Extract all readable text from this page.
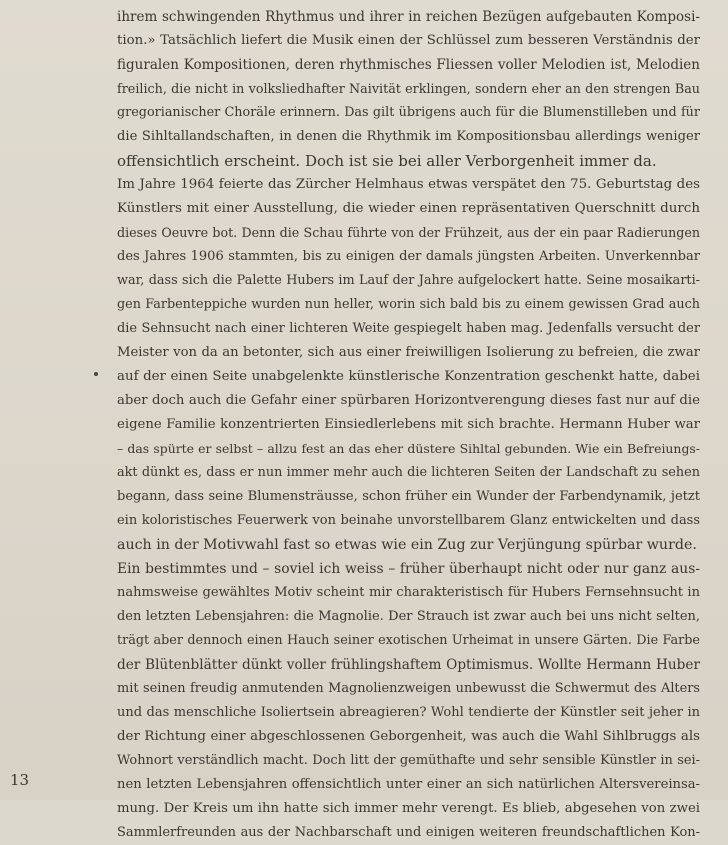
ihrem schwingenden Rhythmus und ihrer in reichen Bezügen aufgebauten Komposi-
tion.» Tatsächlich liefert die Musik einen der Schlüssel zum besseren Verständnis der
figuralen Kompositionen, deren rhythmisches Fliessen voller Melodien ist, Melodien
freilich, die nicht in volksliedhafter Naivität erklingen, sondern eher an den strengen Bau
gregorianischer Choräle erinnern. Das gilt übrigens auch für die Blumenstilleben und für
die Sihltallandschaften, in denen die Rhythmik im Kompositionsbau allerdings weniger
offensichtlich erscheint. Doch ist sie bei aller Verborgenheit immer da.
Im Jahre 1964 feierte das Zürcher Helmhaus etwas verspätet den 75. Geburtstag des
Künstlers mit einer Ausstellung, die wieder einen repräsentativen Querschnitt durch
dieses Oeuvre bot. Denn die Schau führte von der Frühzeit, aus der ein paar Radierungen
des Jahres 1906 stammten, bis zu einigen der damals jüngsten Arbeiten. Unverkennbar
war, dass sich die Palette Hubers im Lauf der Jahre aufgelockert hatte. Seine mosaikarti-
gen Farbenteppiche wurden nun heller, worin sich bald bis zu einem gewissen Grad auch
die Sehnsucht nach einer lichteren Weite gespiegelt haben mag. Jedenfalls versucht der
Meister von da an betonter, sich aus einer freiwilligen Isolierung zu befreien, die zwar
auf der einen Seite unabgelenkte künstlerische Konzentration geschenkt hatte, dabei
aber doch auch die Gefahr einer spürbaren Horizontverengung dieses fast nur auf die
eigene Familie konzentrierten Einsiedlerlebens mit sich brachte. Hermann Huber war
– das spürte er selbst – allzu fest an das eher düstere Sihltal gebunden. Wie ein Befreiungs-
akt dünkt es, dass er nun immer mehr auch die lichteren Seiten der Landschaft zu sehen
begann, dass seine Blumensträusse, schon früher ein Wunder der Farbendynamik, jetzt
ein koloristisches Feuerwerk von beinahe unvorstellbarem Glanz entwickelten und dass
auch in der Motivwahl fast so etwas wie ein Zug zur Verjüngung spürbar wurde.
Ein bestimmtes und – soviel ich weiss – früher überhaupt nicht oder nur ganz aus-
nahmsweise gewähltes Motiv scheint mir charakteristisch für Hubers Fernsehnsucht in
den letzten Lebensjahren: die Magnolie. Der Strauch ist zwar auch bei uns nicht selten,
trägt aber dennoch einen Hauch seiner exotischen Urheimat in unsere Gärten. Die Farbe
der Blütenblätter dünkt voller frühlingshaftem Optimismus. Wollte Hermann Huber
mit seinen freudig anmutenden Magnolienzweigen unbewusst die Schwermut des Alters
und das menschliche Isoliertsein abreagieren? Wohl tendierte der Künstler seit jeher in
der Richtung einer abgeschlossenen Geborgenheit, was auch die Wahl Sihlbruggs als
Wohnort verständlich macht. Doch litt der gemüthafte und sehr sensible Künstler in sei-
nen letzten Lebensjahren offensichtlich unter einer an sich natürlichen Altersvereinsa-
mung. Der Kreis um ihn hatte sich immer mehr verengt. Es blieb, abgesehen von zwei
Sammlerfreunden aus der Nachbarschaft und einigen weiteren freundschaftlichen Kon-
13
